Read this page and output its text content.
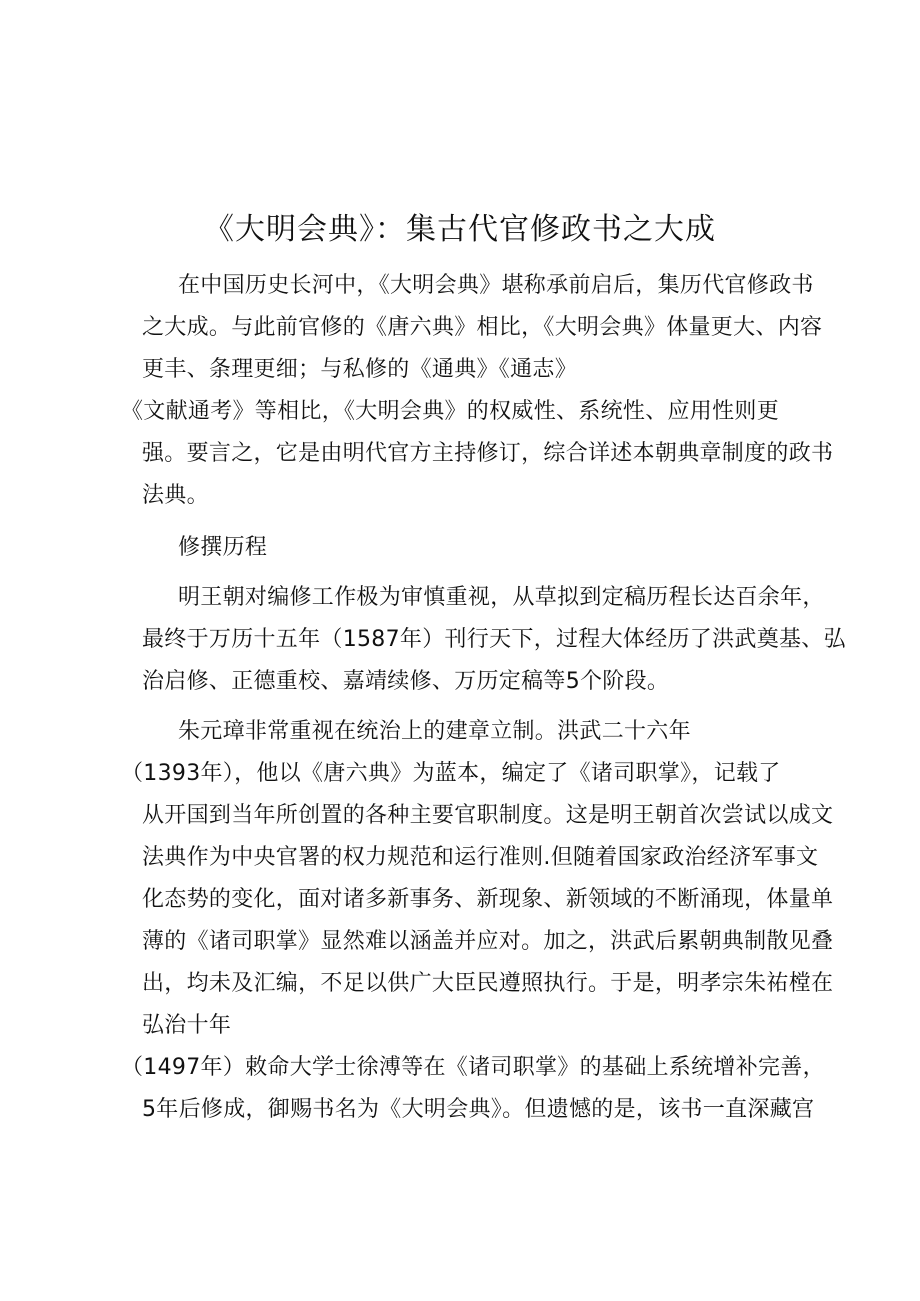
《大明会典》：集古代官修政书之大成
在中国历史长河中，《大明会典》堪称承前启后，集历代官修政书
之大成。与此前官修的《唐六典》相比，《大明会典》体量更大、内容
更丰、条理更细；与私修的《通典》《通志》
《文献通考》等相比，《大明会典》的权威性、系统性、应用性则更
强。要言之，它是由明代官方主持修订，综合详述本朝典章制度的政书
法典。
修撰历程
明王朝对编修工作极为审慎重视，从草拟到定稿历程长达百余年，
最终于万历十五年（1587年）刊行天下，过程大体经历了洪武奠基、弘
治启修、正德重校、嘉靖续修、万历定稿等5个阶段。
朱元璋非常重视在统治上的建章立制。洪武二十六年
（1393年），他以《唐六典》为蓝本，编定了《诸司职掌》，记载了
从开国到当年所创置的各种主要官职制度。这是明王朝首次尝试以成文
法典作为中央官署的权力规范和运行准则.但随着国家政治经济军事文
化态势的变化，面对诸多新事务、新现象、新领域的不断涌现，体量单
薄的《诸司职掌》显然难以涵盖并应对。加之，洪武后累朝典制散见叠
出，均未及汇编，不足以供广大臣民遵照执行。于是，明孝宗朱祐樘在
弘治十年
（1497年）敕命大学士徐溥等在《诸司职掌》的基础上系统增补完善，
5年后修成，御赐书名为《大明会典》。但遗憾的是，该书一直深藏宫
